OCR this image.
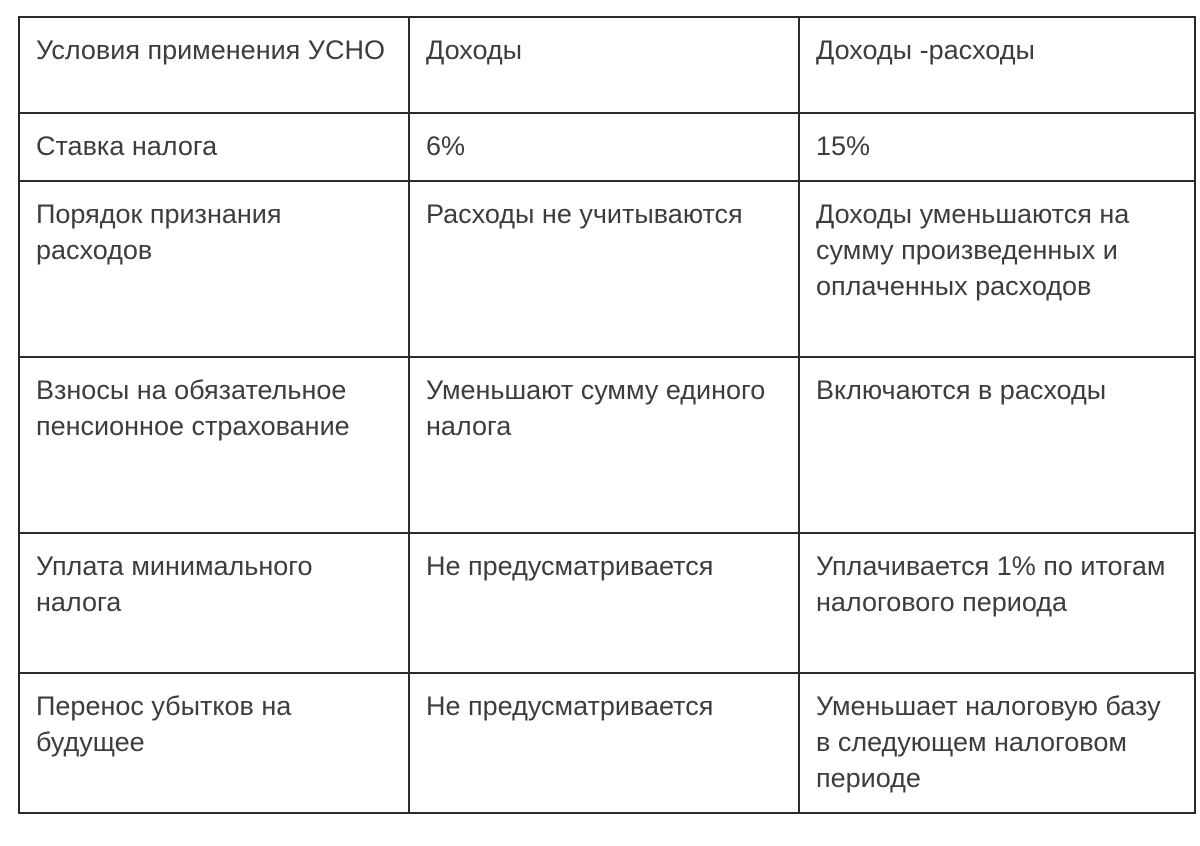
Условия применения УСНО	Доходы	Доходы -расходы
Ставка налога	6%	15%
Порядок признания расходов	Расходы не учитываются	Доходы уменьшаются на сумму произведенных и оплаченных расходов
Взносы на обязательное пенсионное страхование	Уменьшают сумму единого налога	Включаются в расходы
Уплата минимального налога	Не предусматривается	Уплачивается 1% по итогам налогового периода
Перенос убытков на будущее	Не предусматривается	Уменьшает налоговую базу в следующем налоговом периоде
